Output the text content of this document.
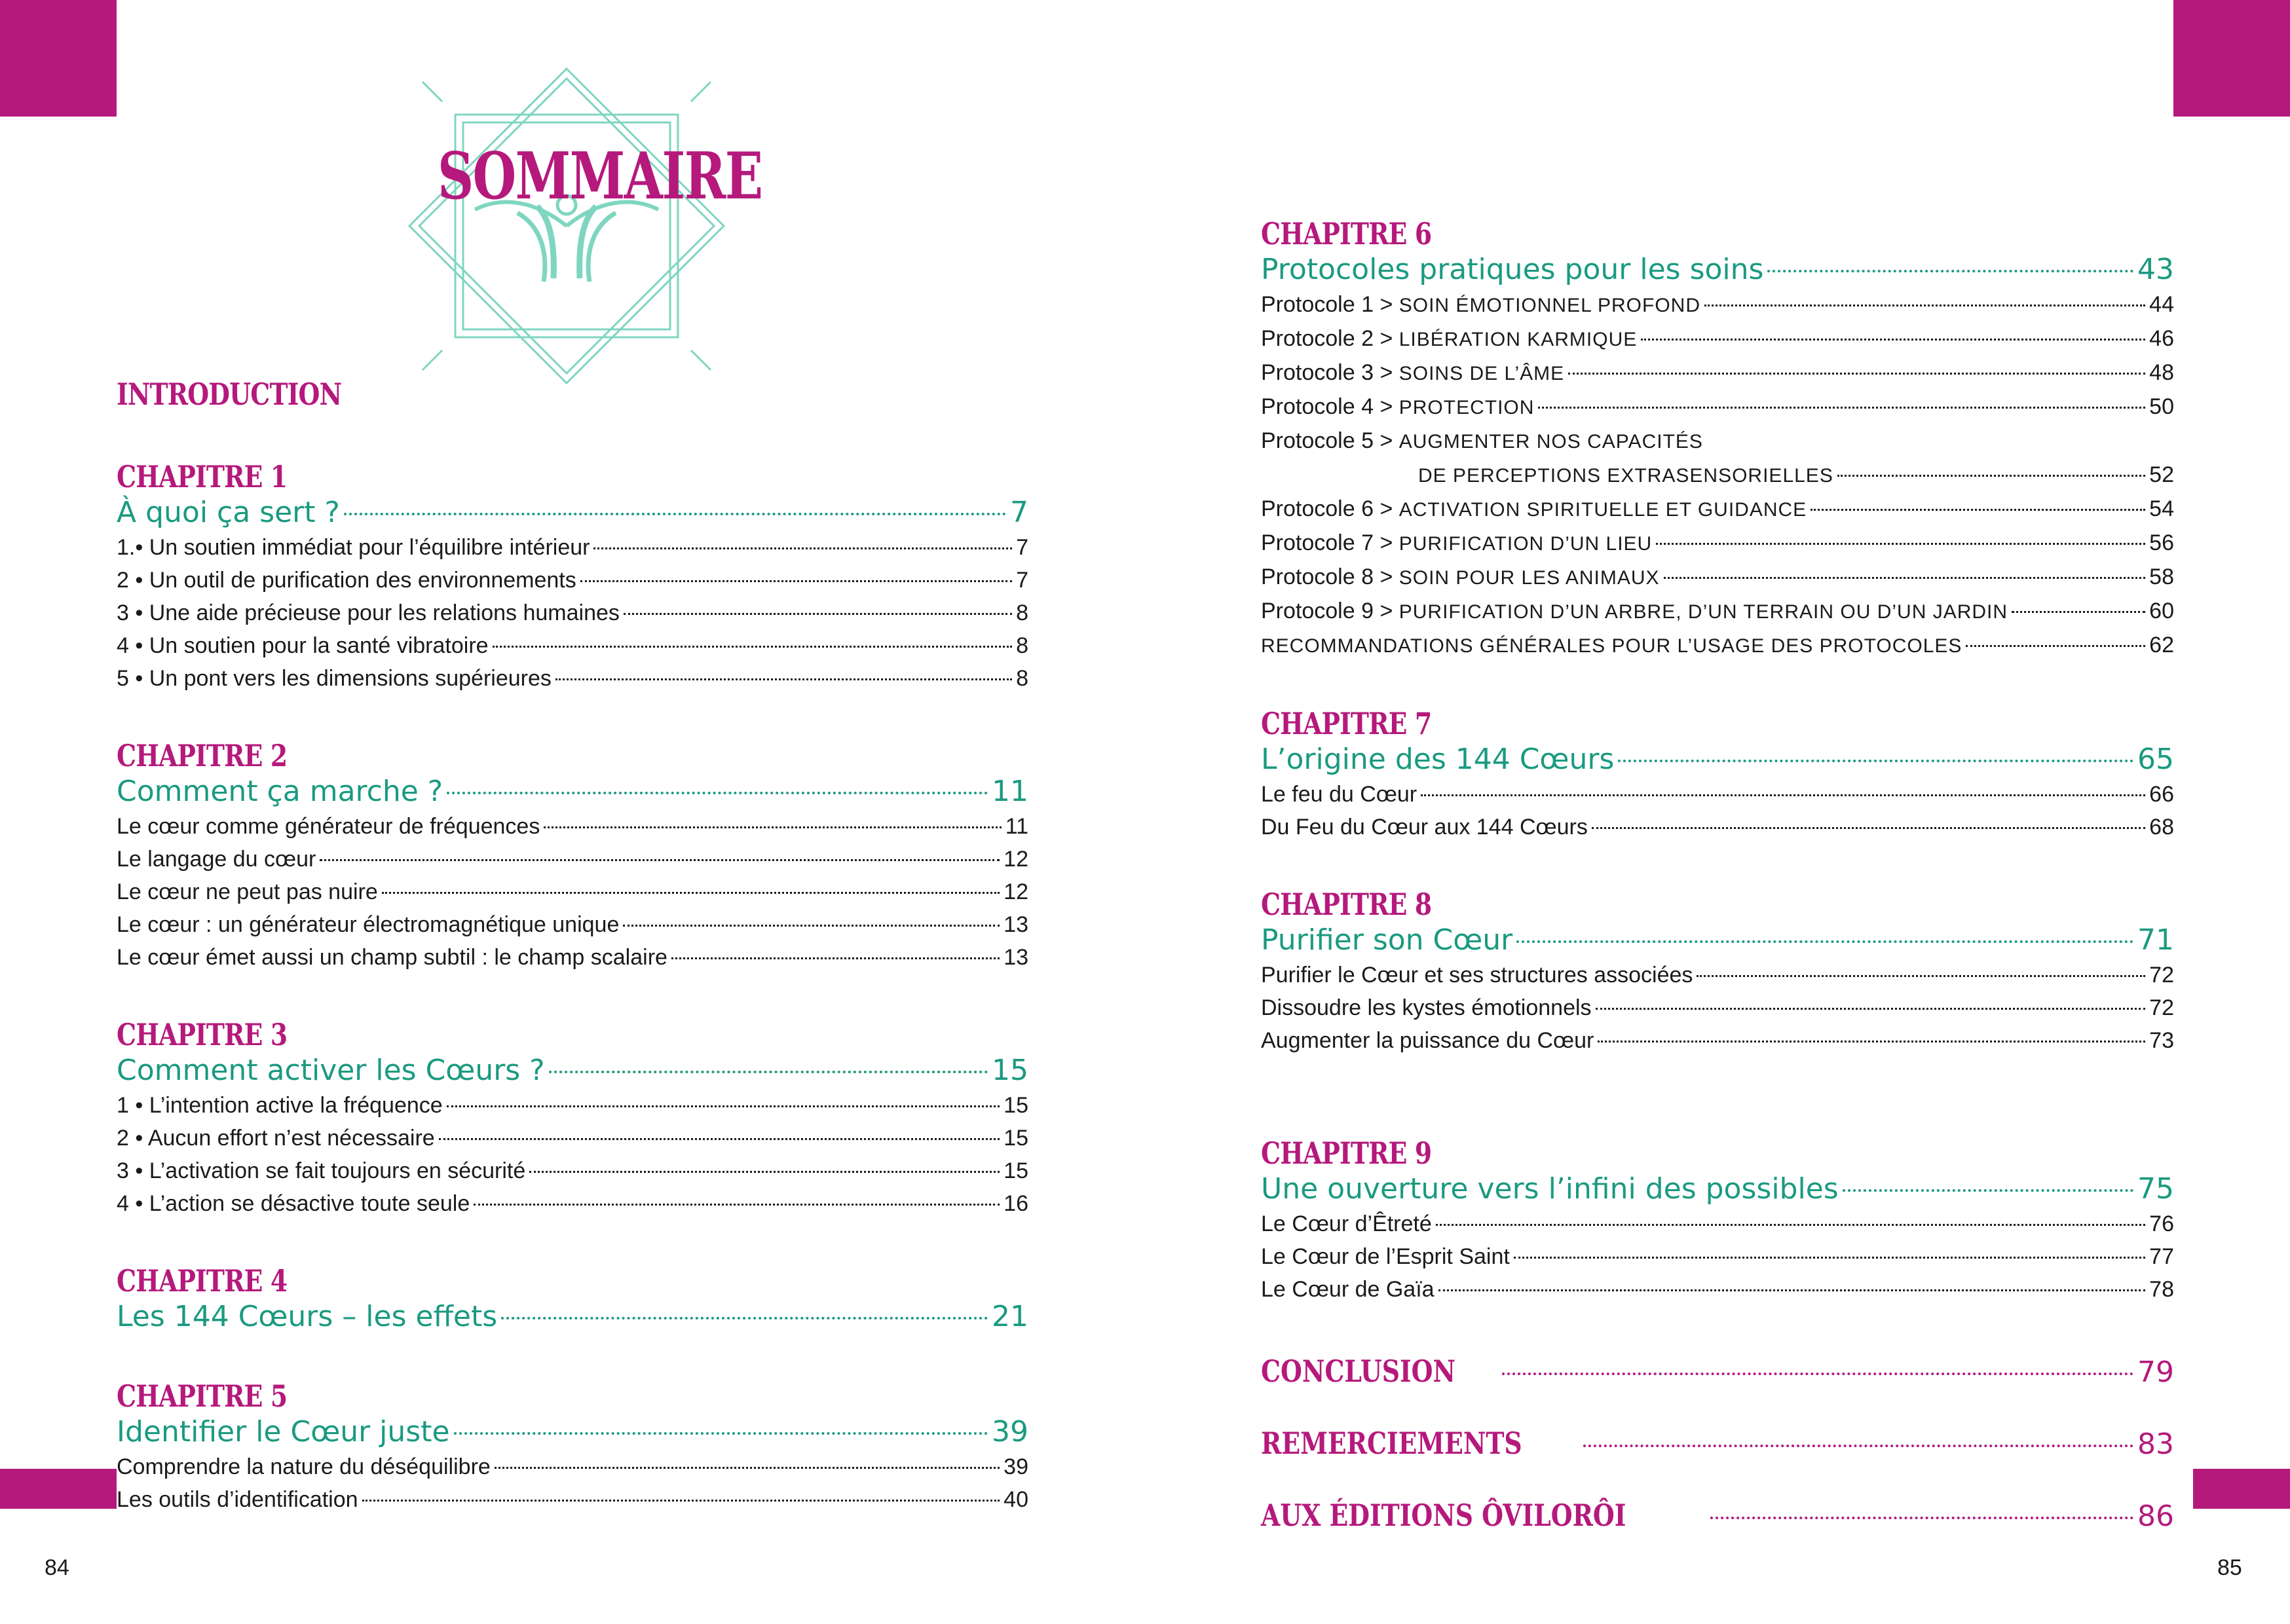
SOMMAIRE
INTRODUCTION
CHAPITRE 1
À quoi ça sert ?	7
1.• Un soutien immédiat pour l’équilibre intérieur	7
2 • Un outil de purification des environnements	7
3 • Une aide précieuse pour les relations humaines	8
4 • Un soutien pour la santé vibratoire	8
5 • Un pont vers les dimensions supérieures	8
CHAPITRE 2
Comment ça marche ?	11
Le cœur comme générateur de fréquences	11
Le langage du cœur	12
Le cœur ne peut pas nuire	12
Le cœur : un générateur électromagnétique unique	13
Le cœur émet aussi un champ subtil : le champ scalaire	13
CHAPITRE 3
Comment activer les Cœurs ?	15
1 • L’intention active la fréquence	15
2 • Aucun effort n’est nécessaire	15
3 • L’activation se fait toujours en sécurité	15
4 • L’action se désactive toute seule	16
CHAPITRE 4
Les 144 Cœurs – les effets	21
CHAPITRE 5
Identifier le Cœur juste	39
Comprendre la nature du déséquilibre	39
Les outils d’identification	40
84
CHAPITRE 6
Protocoles pratiques pour les soins	43
Protocole 1 > SOIN ÉMOTIONNEL PROFOND	44
Protocole 2 > LIBÉRATION KARMIQUE	46
Protocole 3 > SOINS DE L’ÂME	48
Protocole 4 > PROTECTION	50
Protocole 5 > AUGMENTER NOS CAPACITÉS
DE PERCEPTIONS EXTRASENSORIELLES	52
Protocole 6 > ACTIVATION SPIRITUELLE ET GUIDANCE	54
Protocole 7 > PURIFICATION D’UN LIEU	56
Protocole 8 > SOIN POUR LES ANIMAUX	58
Protocole 9 > PURIFICATION D’UN ARBRE, D’UN TERRAIN OU D’UN JARDIN	60
RECOMMANDATIONS GÉNÉRALES POUR L’USAGE DES PROTOCOLES	62
CHAPITRE 7
L’origine des 144 Cœurs	65
Le feu du Cœur	66
Du Feu du Cœur aux 144 Cœurs	68
CHAPITRE 8
Purifier son Cœur	71
Purifier le Cœur et ses structures associées	72
Dissoudre les kystes émotionnels	72
Augmenter la puissance du Cœur	73
CHAPITRE 9
Une ouverture vers l’infini des possibles	75
Le Cœur d’Êtreté	76
Le Cœur de l’Esprit Saint	77
Le Cœur de Gaïa	78
CONCLUSION	79
REMERCIEMENTS	83
AUX ÉDITIONS ÔVILORÔI	86
85
